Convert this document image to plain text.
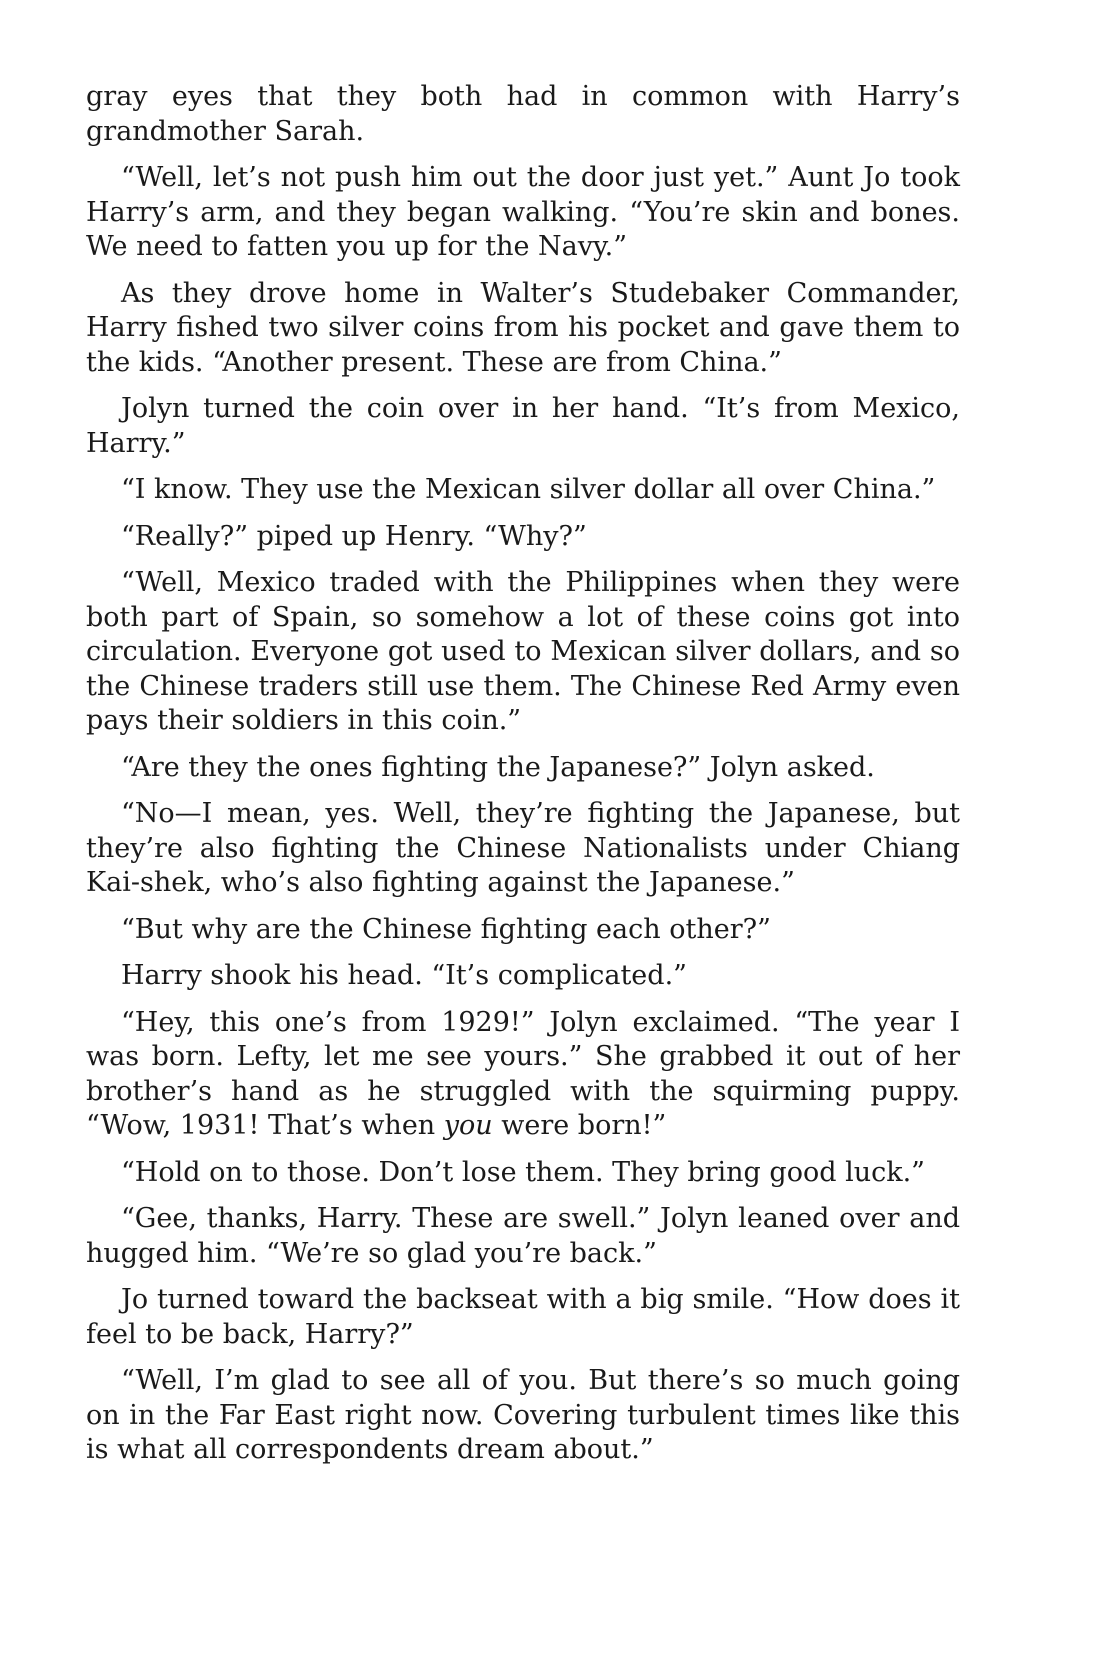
gray eyes that they both had in common with Harry’s grandmother Sarah.

“Well, let’s not push him out the door just yet.” Aunt Jo took Harry’s arm, and they began walking. “You’re skin and bones. We need to fatten you up for the Navy.”

As they drove home in Walter’s Studebaker Commander, Harry fished two silver coins from his pocket and gave them to the kids. “Another present. These are from China.”

Jolyn turned the coin over in her hand. “It’s from Mexico, Harry.”

“I know. They use the Mexican silver dollar all over China.”

“Really?” piped up Henry. “Why?”

“Well, Mexico traded with the Philippines when they were both part of Spain, so somehow a lot of these coins got into circulation. Everyone got used to Mexican silver dollars, and so the Chinese traders still use them. The Chinese Red Army even pays their soldiers in this coin.”

“Are they the ones fighting the Japanese?” Jolyn asked.

“No—I mean, yes. Well, they’re fighting the Japanese, but they’re also fighting the Chinese Nationalists under Chiang Kai-shek, who’s also fighting against the Japanese.”

“But why are the Chinese fighting each other?”

Harry shook his head. “It’s complicated.”

“Hey, this one’s from 1929!” Jolyn exclaimed. “The year I was born. Lefty, let me see yours.” She grabbed it out of her brother’s hand as he struggled with the squirming puppy. “Wow, 1931! That’s when you were born!”

“Hold on to those. Don’t lose them. They bring good luck.”

“Gee, thanks, Harry. These are swell.” Jolyn leaned over and hugged him. “We’re so glad you’re back.”

Jo turned toward the backseat with a big smile. “How does it feel to be back, Harry?”

“Well, I’m glad to see all of you. But there’s so much going on in the Far East right now. Covering turbulent times like this is what all correspondents dream about.”
